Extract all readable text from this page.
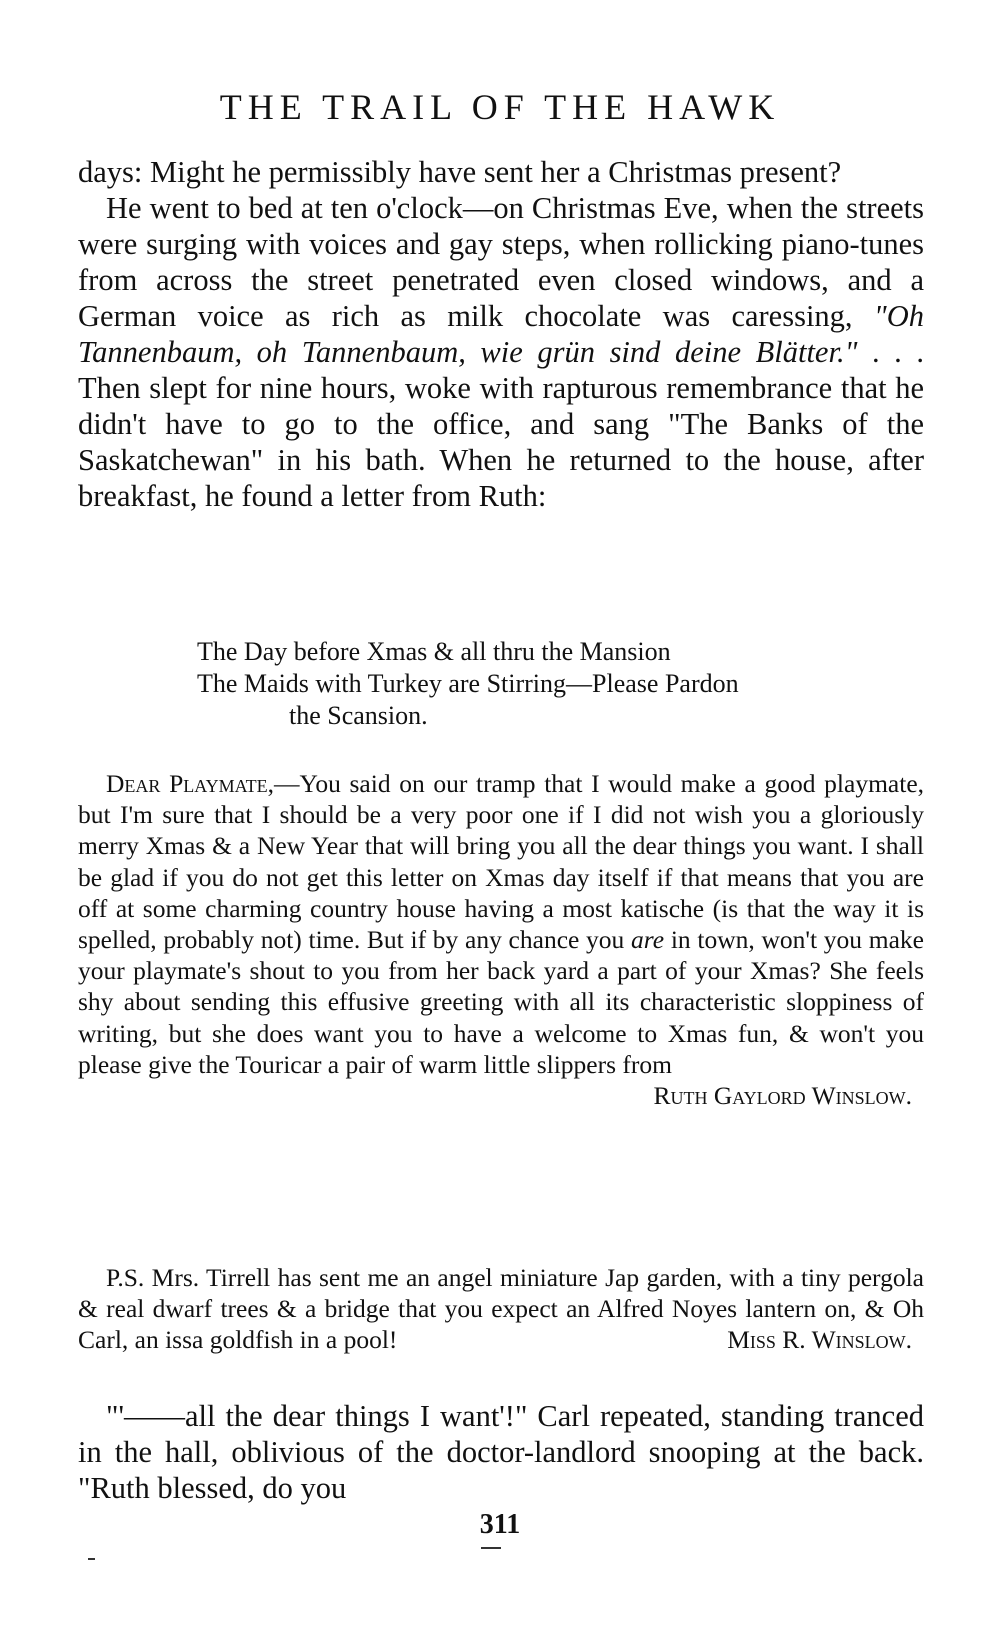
THE TRAIL OF THE HAWK

days: Might he permissibly have sent her a Christmas present?

He went to bed at ten o'clock—on Christmas Eve, when the streets were surging with voices and gay steps, when rollicking piano-tunes from across the street penetrated even closed windows, and a German voice as rich as milk chocolate was caressing, "Oh Tannenbaum, oh Tannenbaum, wie grün sind deine Blätter." . . . Then slept for nine hours, woke with rapturous remembrance that he didn't have to go to the office, and sang "The Banks of the Saskatchewan" in his bath. When he returned to the house, after breakfast, he found a letter from Ruth:

The Day before Xmas & all thru the Mansion
The Maids with Turkey are Stirring—Please Pardon
the Scansion.

Dear Playmate,—You said on our tramp that I would make a good playmate, but I'm sure that I should be a very poor one if I did not wish you a gloriously merry Xmas & a New Year that will bring you all the dear things you want. I shall be glad if you do not get this letter on Xmas day itself if that means that you are off at some charming country house having a most katische (is that the way it is spelled, probably not) time. But if by any chance you are in town, won't you make your playmate's shout to you from her back yard a part of your Xmas? She feels shy about sending this effusive greeting with all its characteristic sloppiness of writing, but she does want you to have a welcome to Xmas fun, & won't you please give the Touricar a pair of warm little slippers from

Ruth Gaylord Winslow.

P.S. Mrs. Tirrell has sent me an angel miniature Jap garden, with a tiny pergola & real dwarf trees & a bridge that you expect an Alfred Noyes lantern on, & Oh Carl, an issa goldfish in a pool!	Miss R. Winslow.

"'——all the dear things I want'!" Carl repeated, standing tranced in the hall, oblivious of the doctor-landlord snooping at the back. "Ruth blessed, do you

311
